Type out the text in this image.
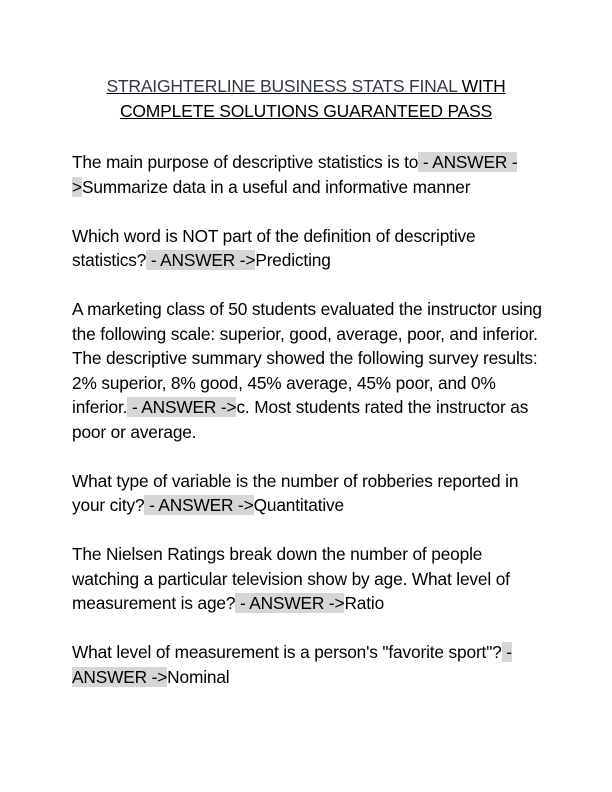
STRAIGHTERLINE BUSINESS STATS FINAL WITH COMPLETE SOLUTIONS GUARANTEED PASS

The main purpose of descriptive statistics is to - ANSWER ->Summarize data in a useful and informative manner

Which word is NOT part of the definition of descriptive statistics? - ANSWER ->Predicting

A marketing class of 50 students evaluated the instructor using the following scale: superior, good, average, poor, and inferior. The descriptive summary showed the following survey results: 2% superior, 8% good, 45% average, 45% poor, and 0% inferior. - ANSWER ->c. Most students rated the instructor as poor or average.

What type of variable is the number of robberies reported in your city? - ANSWER ->Quantitative

The Nielsen Ratings break down the number of people watching a particular television show by age. What level of measurement is age? - ANSWER ->Ratio

What level of measurement is a person's "favorite sport"? - ANSWER ->Nominal
